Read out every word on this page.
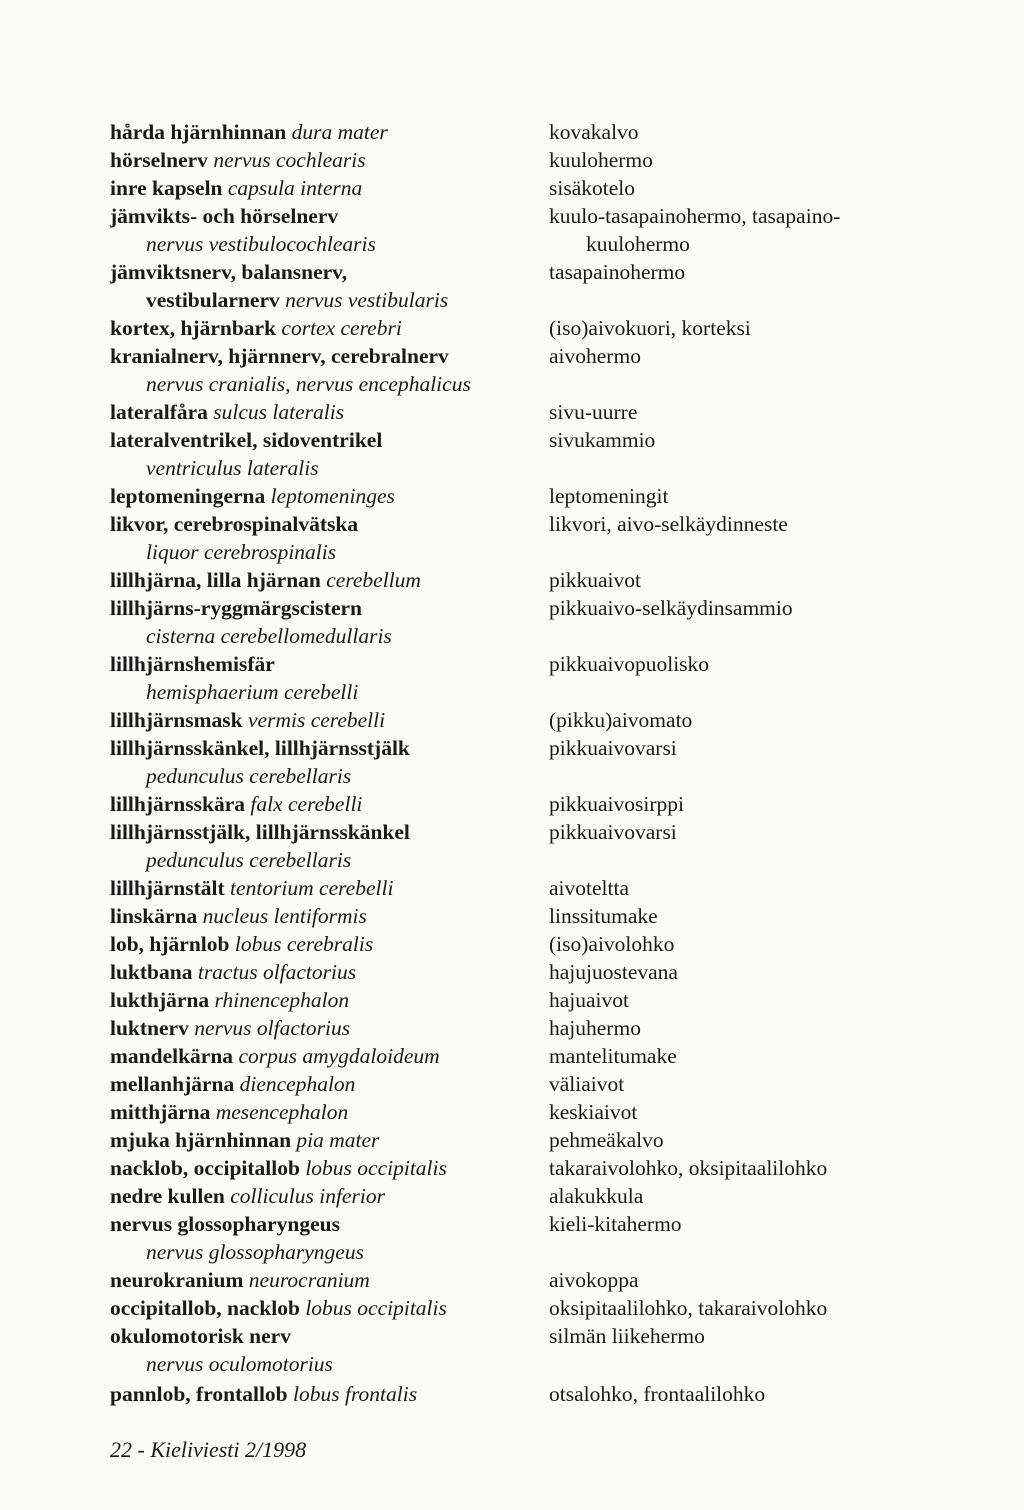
hårda hjärnhinnan dura mater	kovakalvo
hörselnerv nervus cochlearis	kuulohermo
inre kapseln capsula interna	sisäkotelo
jämvikts- och hörselnerv	kuulo-tasapainohermo, tasapaino-
nervus vestibulocochlearis	kuulohermo
jämviktsnerv, balansnerv,	tasapainohermo
vestibularnerv nervus vestibularis
kortex, hjärnbark cortex cerebri	(iso)aivokuori, korteksi
kranialnerv, hjärnnerv, cerebralnerv	aivohermo
nervus cranialis, nervus encephalicus
lateralfåra sulcus lateralis	sivu-uurre
lateralventrikel, sidoventrikel	sivukammio
ventriculus lateralis
leptomeningerna leptomeninges	leptomeningit
likvor, cerebrospinalvätska	likvori, aivo-selkäydinneste
liquor cerebrospinalis
lillhjärna, lilla hjärnan cerebellum	pikkuaivot
lillhjärns-ryggmärgscistern	pikkuaivo-selkäydinsammio
cisterna cerebellomedullaris
lillhjärnshemisfär	pikkuaivopuolisko
hemisphaerium cerebelli
lillhjärnsmask vermis cerebelli	(pikku)aivomato
lillhjärnsskänkel, lillhjärnsstjälk	pikkuaivovarsi
pedunculus cerebellaris
lillhjärnsskära falx cerebelli	pikkuaivosirppi
lillhjärnsstjälk, lillhjärnsskänkel	pikkuaivovarsi
pedunculus cerebellaris
lillhjärnstält tentorium cerebelli	aivoteltta
linskärna nucleus lentiformis	linssitumake
lob, hjärnlob lobus cerebralis	(iso)aivolohko
luktbana tractus olfactorius	hajujuostevana
lukthjärna rhinencephalon	hajuaivot
luktnerv nervus olfactorius	hajuhermo
mandelkärna corpus amygdaloideum	mantelitumake
mellanhjärna diencephalon	väliaivot
mitthjärna mesencephalon	keskiaivot
mjuka hjärnhinnan pia mater	pehmeäkalvo
nacklob, occipitallob lobus occipitalis	takaraivolohko, oksipitaalilohko
nedre kullen colliculus inferior	alakukkula
nervus glossopharyngeus	kieli-kitahermo
nervus glossopharyngeus
neurokranium neurocranium	aivokoppa
occipitallob, nacklob lobus occipitalis	oksipitaalilohko, takaraivolohko
okulomotorisk nerv	silmän liikehermo
nervus oculomotorius
pannlob, frontallob lobus frontalis	otsalohko, frontaalilohko
22 - Kieliviesti 2/1998
